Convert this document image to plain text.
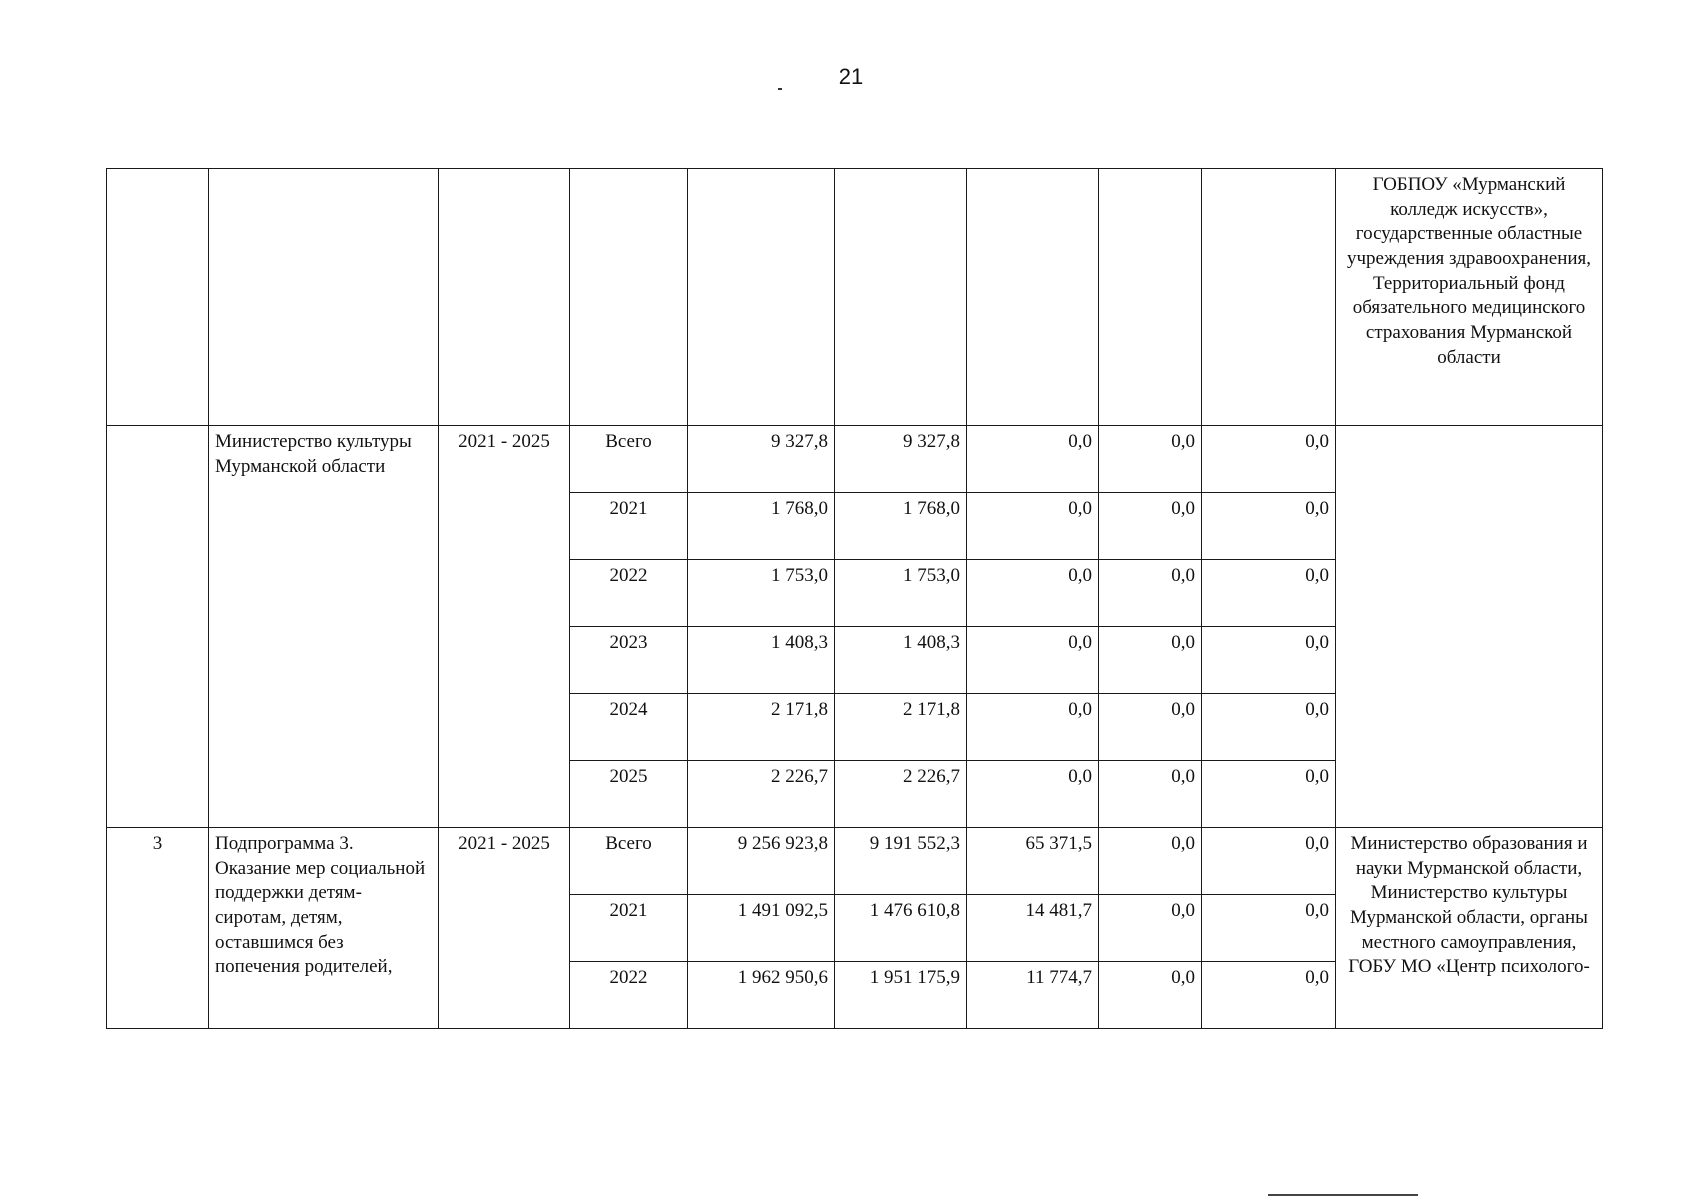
21
									ГОБПОУ «Мурманский колледж искусств», государственные областные учреждения здравоохранения, Территориальный фонд обязательного медицинского страхования Мурманской области
	Министерство культуры Мурманской области	2021 - 2025	Всего	9 327,8	9 327,8	0,0	0,0	0,0	
			2021	1 768,0	1 768,0	0,0	0,0	0,0	
			2022	1 753,0	1 753,0	0,0	0,0	0,0	
			2023	1 408,3	1 408,3	0,0	0,0	0,0	
			2024	2 171,8	2 171,8	0,0	0,0	0,0	
			2025	2 226,7	2 226,7	0,0	0,0	0,0	
3	Подпрограмма 3. Оказание мер социальной поддержки детям-сиротам, детям, оставшимся без попечения родителей,	2021 - 2025	Всего	9 256 923,8	9 191 552,3	65 371,5	0,0	0,0	Министерство образования и науки Мурманской области, Министерство культуры Мурманской области, органы местного самоуправления, ГОБУ МО «Центр психолого-
			2021	1 491 092,5	1 476 610,8	14 481,7	0,0	0,0	
			2022	1 962 950,6	1 951 175,9	11 774,7	0,0	0,0	
